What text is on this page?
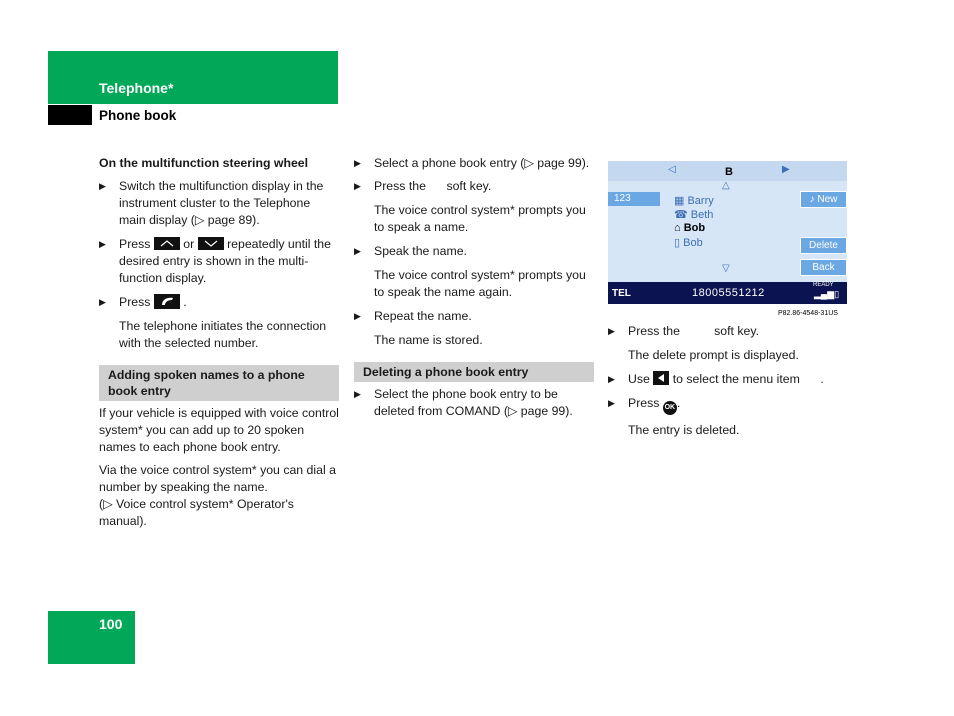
Telephone*
Phone book

On the multifunction steering wheel

▶ Switch the multifunction display in the instrument cluster to the Telephone main display (▷ page 89).

▶ Press	or	repeatedly until the desired entry is shown in the multi-function display.

▶ Press	.

The telephone initiates the connection with the selected number.

Adding spoken names to a phone book entry

If your vehicle is equipped with voice control system* you can add up to 20 spoken names to each phone book entry.

Via the voice control system* you can dial a number by speaking the name.

(▷ Voice control system* Operator's manual).

▶ Select a phone book entry (▷ page 99).

▶ Press the      soft key.

The voice control system* prompts you to speak a name.

▶ Speak the name.

The voice control system* prompts you to speak the name again.

▶ Repeat the name.

The name is stored.

Deleting a phone book entry

▶ Select the phone book entry to be deleted from COMAND (▷ page 99).

◁	B	▶
△
123	♪ New
▦ Barry
☎ Beth
⌂ Bob
▯ Bob	Delete
Back
▽
TEL	18005551212
READY
▂▄▆▯
P82.86-4548-31US

▶ Press the          soft key.

The delete prompt is displayed.

▶ Use to select the menu item      .

▶ Press OK .

The entry is deleted.

100
